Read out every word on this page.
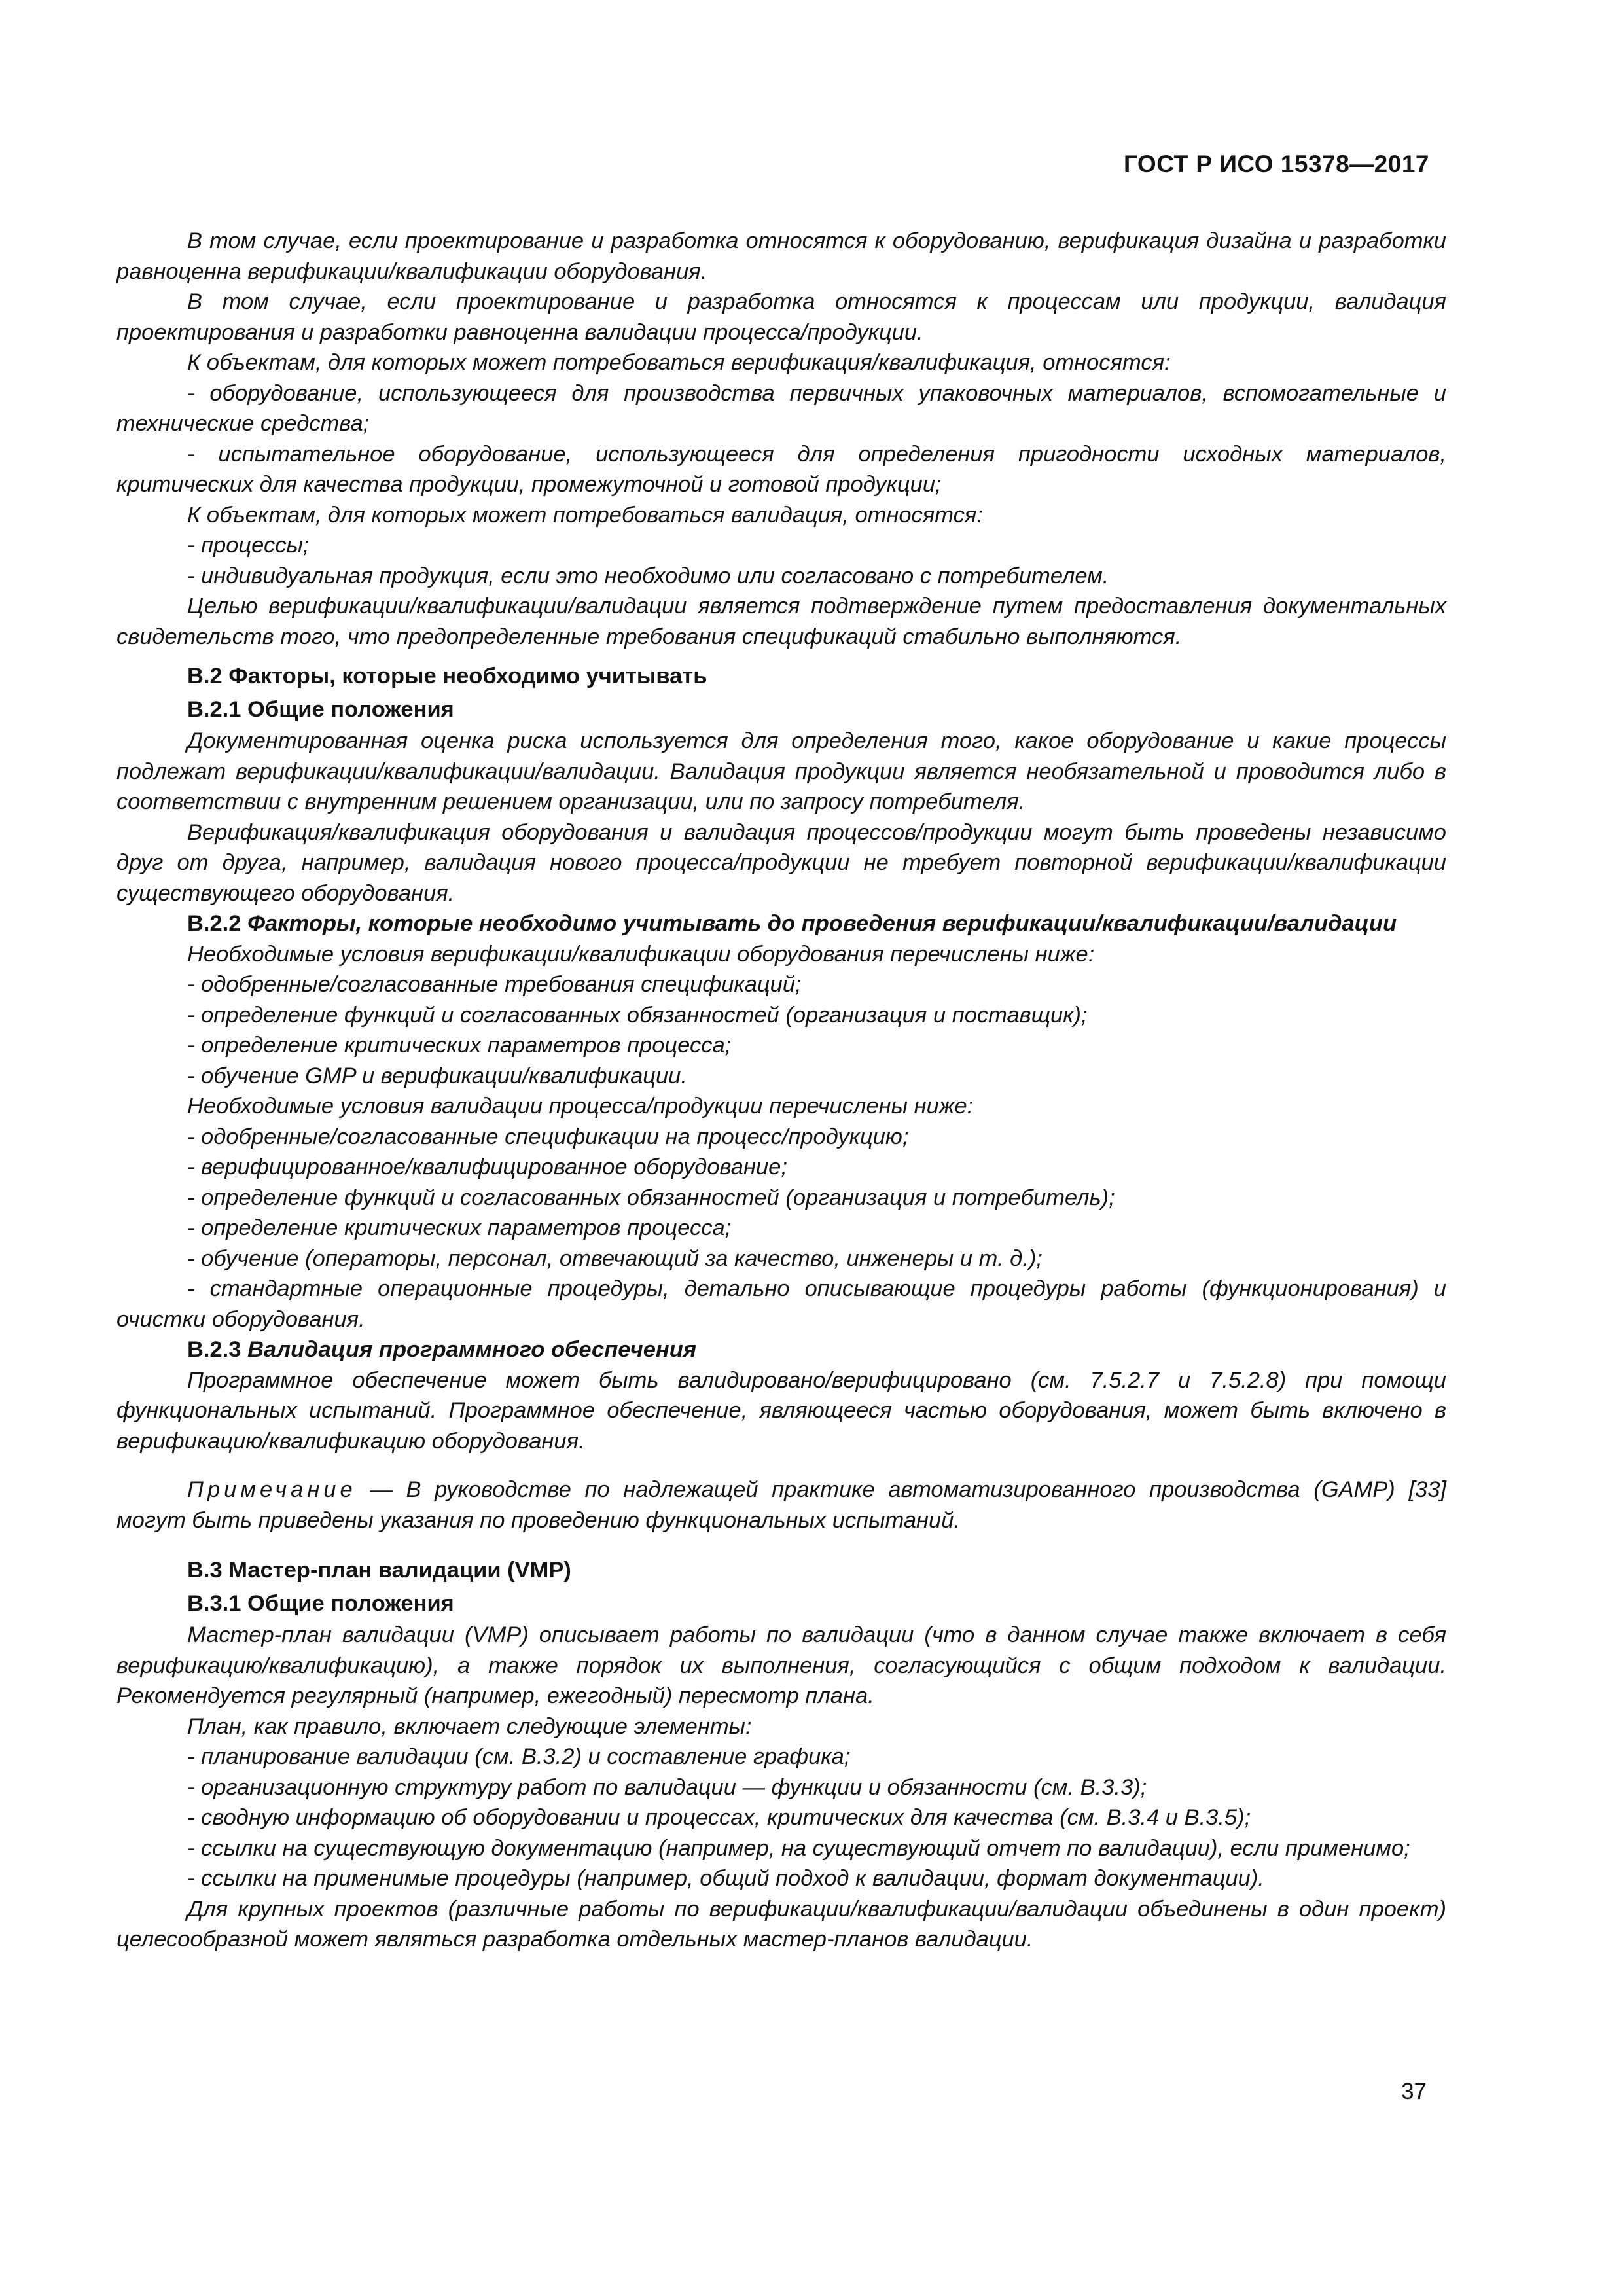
ГОСТ Р ИСО 15378—2017

В том случае, если проектирование и разработка относятся к оборудованию, верификация дизайна и разработки равноценна верификации/квалификации оборудования.

В том случае, если проектирование и разработка относятся к процессам или продукции, валидация проектирования и разработки равноценна валидации процесса/продукции.

К объектам, для которых может потребоваться верификация/квалификация, относятся:

- оборудование, использующееся для производства первичных упаковочных материалов, вспомогательные и технические средства;

- испытательное оборудование, использующееся для определения пригодности исходных материалов, критических для качества продукции, промежуточной и готовой продукции;

К объектам, для которых может потребоваться валидация, относятся:

- процессы;

- индивидуальная продукция, если это необходимо или согласовано с потребителем.

Целью верификации/квалификации/валидации является подтверждение путем предоставления документальных свидетельств того, что предопределенные требования спецификаций стабильно выполняются.

В.2 Факторы, которые необходимо учитывать
В.2.1 Общие положения

Документированная оценка риска используется для определения того, какое оборудование и какие процессы подлежат верификации/квалификации/валидации. Валидация продукции является необязательной и проводится либо в соответствии с внутренним решением организации, или по запросу потребителя.

Верификация/квалификация оборудования и валидация процессов/продукции могут быть проведены независимо друг от друга, например, валидация нового процесса/продукции не требует повторной верификации/квалификации существующего оборудования.

В.2.2 Факторы, которые необходимо учитывать до проведения верификации/квалификации/валидации

Необходимые условия верификации/квалификации оборудования перечислены ниже:

- одобренные/согласованные требования спецификаций;

- определение функций и согласованных обязанностей (организация и поставщик);

- определение критических параметров процесса;

- обучение GMP и верификации/квалификации.

Необходимые условия валидации процесса/продукции перечислены ниже:

- одобренные/согласованные спецификации на процесс/продукцию;

- верифицированное/квалифицированное оборудование;

- определение функций и согласованных обязанностей (организация и потребитель);

- определение критических параметров процесса;

- обучение (операторы, персонал, отвечающий за качество, инженеры и т. д.);

- стандартные операционные процедуры, детально описывающие процедуры работы (функционирования) и очистки оборудования.

В.2.3 Валидация программного обеспечения

Программное обеспечение может быть валидировано/верифицировано (см. 7.5.2.7 и 7.5.2.8) при помощи функциональных испытаний. Программное обеспечение, являющееся частью оборудования, может быть включено в верификацию/квалификацию оборудования.

Примечание — В руководстве по надлежащей практике автоматизированного производства (GAMP) [33] могут быть приведены указания по проведению функциональных испытаний.

В.3 Мастер-план валидации (VMP)
В.3.1 Общие положения

Мастер-план валидации (VMP) описывает работы по валидации (что в данном случае также включает в себя верификацию/квалификацию), а также порядок их выполнения, согласующийся с общим подходом к валидации. Рекомендуется регулярный (например, ежегодный) пересмотр плана.

План, как правило, включает следующие элементы:

- планирование валидации (см. В.3.2) и составление графика;

- организационную структуру работ по валидации — функции и обязанности (см. В.3.3);

- сводную информацию об оборудовании и процессах, критических для качества (см. В.3.4 и В.3.5);

- ссылки на существующую документацию (например, на существующий отчет по валидации), если применимо;

- ссылки на применимые процедуры (например, общий подход к валидации, формат документации).

Для крупных проектов (различные работы по верификации/квалификации/валидации объединены в один проект) целесообразной может являться разработка отдельных мастер-планов валидации.

37
